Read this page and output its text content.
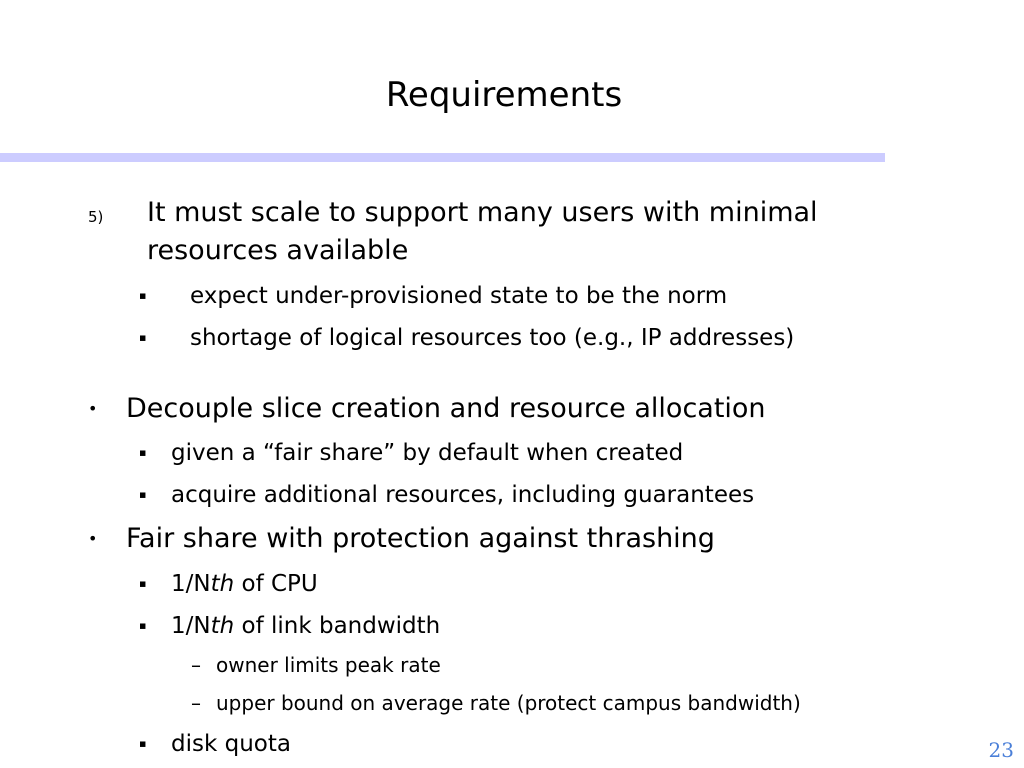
Requirements
5) It must scale to support many users with minimal
resources available
▪ expect under-provisioned state to be the norm
▪ shortage of logical resources too (e.g., IP addresses)
• Decouple slice creation and resource allocation
▪ given a “fair share” by default when created
▪ acquire additional resources, including guarantees
• Fair share with protection against thrashing
▪ 1/Nth of CPU
▪ 1/Nth of link bandwidth
– owner limits peak rate
– upper bound on average rate (protect campus bandwidth)
▪ disk quota	23
